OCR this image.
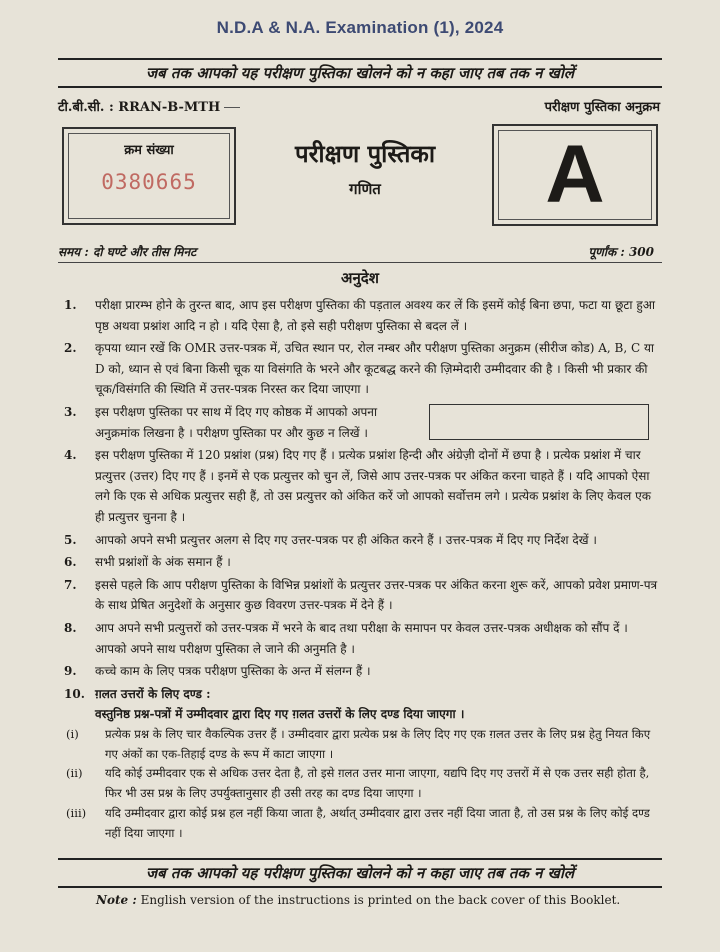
N.D.A & N.A. Examination (1), 2024
जब तक आपको यह परीक्षण पुस्तिका खोलने को न कहा जाए तब तक न खोलें
टी.बी.सी. : RRAN-B-MTH	परीक्षण पुस्तिका अनुक्रम
क्रम संख्या
0380665
परीक्षण पुस्तिका
गणित	A
समय : दो घण्टे और तीस मिनट	पूर्णांक : 300
अनुदेश
1. परीक्षा प्रारम्भ होने के तुरन्त बाद, आप इस परीक्षण पुस्तिका की पड़ताल अवश्य कर लें कि इसमें कोई बिना छपा, फटा या छूटा हुआ पृष्ठ अथवा प्रश्नांश आदि न हो । यदि ऐसा है, तो इसे सही परीक्षण पुस्तिका से बदल लें ।
2. कृपया ध्यान रखें कि OMR उत्तर-पत्रक में, उचित स्थान पर, रोल नम्बर और परीक्षण पुस्तिका अनुक्रम (सीरीज कोड) A, B, C या D को, ध्यान से एवं बिना किसी चूक या विसंगति के भरने और कूटबद्ध करने की ज़िम्मेदारी उम्मीदवार की है । किसी भी प्रकार की चूक/विसंगति की स्थिति में उत्तर-पत्रक निरस्त कर दिया जाएगा ।
3. इस परीक्षण पुस्तिका पर साथ में दिए गए कोष्ठक में आपको अपना अनुक्रमांक लिखना है । परीक्षण पुस्तिका पर और कुछ न लिखें ।
4. इस परीक्षण पुस्तिका में 120 प्रश्नांश (प्रश्न) दिए गए हैं । प्रत्येक प्रश्नांश हिन्दी और अंग्रेज़ी दोनों में छपा है । प्रत्येक प्रश्नांश में चार प्रत्युत्तर (उत्तर) दिए गए हैं । इनमें से एक प्रत्युत्तर को चुन लें, जिसे आप उत्तर-पत्रक पर अंकित करना चाहते हैं । यदि आपको ऐसा लगे कि एक से अधिक प्रत्युत्तर सही हैं, तो उस प्रत्युत्तर को अंकित करें जो आपको सर्वोत्तम लगे । प्रत्येक प्रश्नांश के लिए केवल एक ही प्रत्युत्तर चुनना है ।
5. आपको अपने सभी प्रत्युत्तर अलग से दिए गए उत्तर-पत्रक पर ही अंकित करने हैं । उत्तर-पत्रक में दिए गए निर्देश देखें ।
6. सभी प्रश्नांशों के अंक समान हैं ।
7. इससे पहले कि आप परीक्षण पुस्तिका के विभिन्न प्रश्नांशों के प्रत्युत्तर उत्तर-पत्रक पर अंकित करना शुरू करें, आपको प्रवेश प्रमाण-पत्र के साथ प्रेषित अनुदेशों के अनुसार कुछ विवरण उत्तर-पत्रक में देने हैं ।
8. आप अपने सभी प्रत्युत्तरों को उत्तर-पत्रक में भरने के बाद तथा परीक्षा के समापन पर केवल उत्तर-पत्रक अधीक्षक को सौंप दें । आपको अपने साथ परीक्षण पुस्तिका ले जाने की अनुमति है ।
9. कच्चे काम के लिए पत्रक परीक्षण पुस्तिका के अन्त में संलग्न हैं ।
10. ग़लत उत्तरों के लिए दण्ड :
वस्तुनिष्ठ प्रश्न-पत्रों में उम्मीदवार द्वारा दिए गए ग़लत उत्तरों के लिए दण्ड दिया जाएगा ।
(i) प्रत्येक प्रश्न के लिए चार वैकल्पिक उत्तर हैं । उम्मीदवार द्वारा प्रत्येक प्रश्न के लिए दिए गए एक ग़लत उत्तर के लिए प्रश्न हेतु नियत किए गए अंकों का एक-तिहाई दण्ड के रूप में काटा जाएगा ।
(ii) यदि कोई उम्मीदवार एक से अधिक उत्तर देता है, तो इसे ग़लत उत्तर माना जाएगा, यद्यपि दिए गए उत्तरों में से एक उत्तर सही होता है, फिर भी उस प्रश्न के लिए उपर्युक्तानुसार ही उसी तरह का दण्ड दिया जाएगा ।
(iii) यदि उम्मीदवार द्वारा कोई प्रश्न हल नहीं किया जाता है, अर्थात् उम्मीदवार द्वारा उत्तर नहीं दिया जाता है, तो उस प्रश्न के लिए कोई दण्ड नहीं दिया जाएगा ।
जब तक आपको यह परीक्षण पुस्तिका खोलने को न कहा जाए तब तक न खोलें
Note : English version of the instructions is printed on the back cover of this Booklet.
